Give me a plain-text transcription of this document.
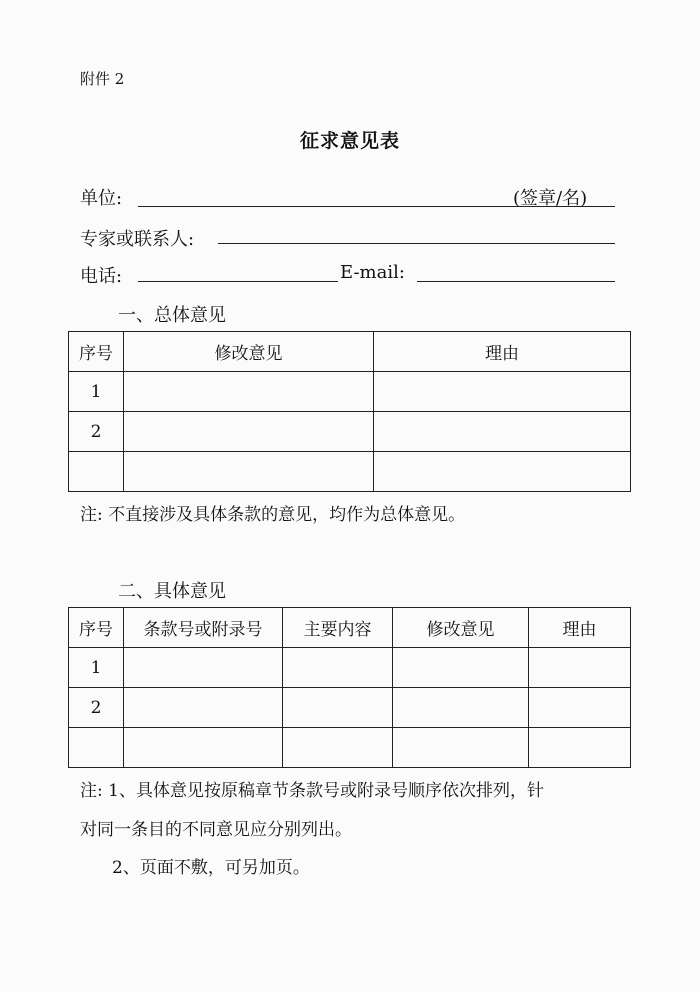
附件 2
征求意见表
单位:	(签章/名)
专家或联系人:
电话:	E-mail:
一、总体意见
序号	修改意见	理由
1		
2		

注: 不直接涉及具体条款的意见，均作为总体意见。
二、具体意见
序号	条款号或附录号	主要内容	修改意见	理由
1				
2				

注: 1、具体意见按原稿章节条款号或附录号顺序依次排列，针
对同一条目的不同意见应分别列出。
2、页面不敷，可另加页。
